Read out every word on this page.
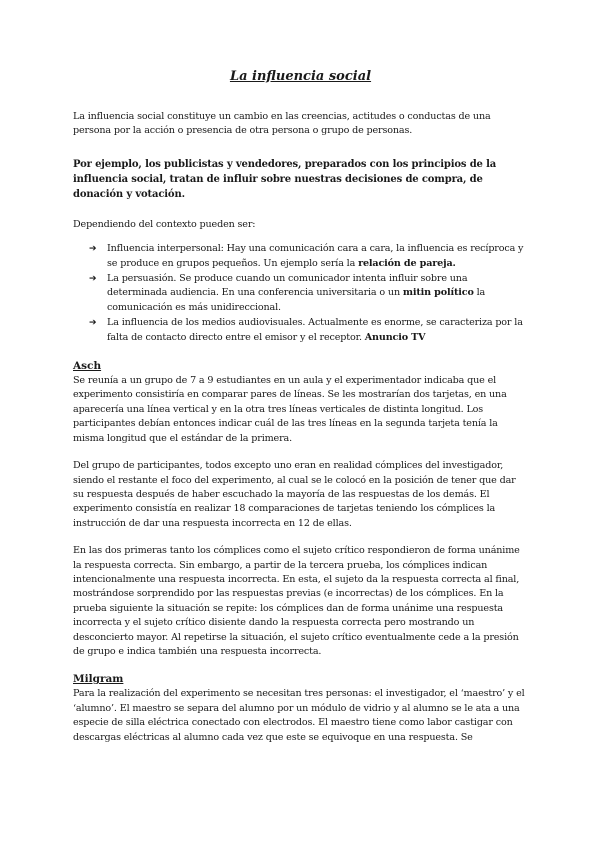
La influencia social

La influencia social constituye un cambio en las creencias, actitudes o conductas de una persona por la acción o presencia de otra persona o grupo de personas.

Por ejemplo, los publicistas y vendedores, preparados con los principios de la influencia social, tratan de influir sobre nuestras decisiones de compra, de donación y votación.

Dependiendo del contexto pueden ser:

➔ Influencia interpersonal: Hay una comunicación cara a cara, la influencia es recíproca y se produce en grupos pequeños. Un ejemplo sería la relación de pareja.
➔ La persuasión. Se produce cuando un comunicador intenta influir sobre una determinada audiencia. En una conferencia universitaria o un mitin político la comunicación es más unidireccional.
➔ La influencia de los medios audiovisuales. Actualmente es enorme, se caracteriza por la falta de contacto directo entre el emisor y el receptor. Anuncio TV
Asch

Se reunía a un grupo de 7 a 9 estudiantes en un aula y el experimentador indicaba que el experimento consistiría en comparar pares de líneas. Se les mostrarían dos tarjetas, en una aparecería una línea vertical y en la otra tres líneas verticales de distinta longitud. Los participantes debían entonces indicar cuál de las tres líneas en la segunda tarjeta tenía la misma longitud que el estándar de la primera.

Del grupo de participantes, todos excepto uno eran en realidad cómplices del investigador, siendo el restante el foco del experimento, al cual se le colocó en la posición de tener que dar su respuesta después de haber escuchado la mayoría de las respuestas de los demás. El experimento consistía en realizar 18 comparaciones de tarjetas teniendo los cómplices la instrucción de dar una respuesta incorrecta en 12 de ellas.

En las dos primeras tanto los cómplices como el sujeto crítico respondieron de forma unánime la respuesta correcta. Sin embargo, a partir de la tercera prueba, los cómplices indican intencionalmente una respuesta incorrecta. En esta, el sujeto da la respuesta correcta al final, mostrándose sorprendido por las respuestas previas (e incorrectas) de los cómplices. En la prueba siguiente la situación se repite: los cómplices dan de forma unánime una respuesta incorrecta y el sujeto crítico disiente dando la respuesta correcta pero mostrando un desconcierto mayor. Al repetirse la situación, el sujeto crítico eventualmente cede a la presión de grupo e indica también una respuesta incorrecta.

Milgram

Para la realización del experimento se necesitan tres personas: el investigador, el ‘maestro’ y el ‘alumno’. El maestro se separa del alumno por un módulo de vidrio y al alumno se le ata a una especie de silla eléctrica conectado con electrodos. El maestro tiene como labor castigar con descargas eléctricas al alumno cada vez que este se equivoque en una respuesta. Se
